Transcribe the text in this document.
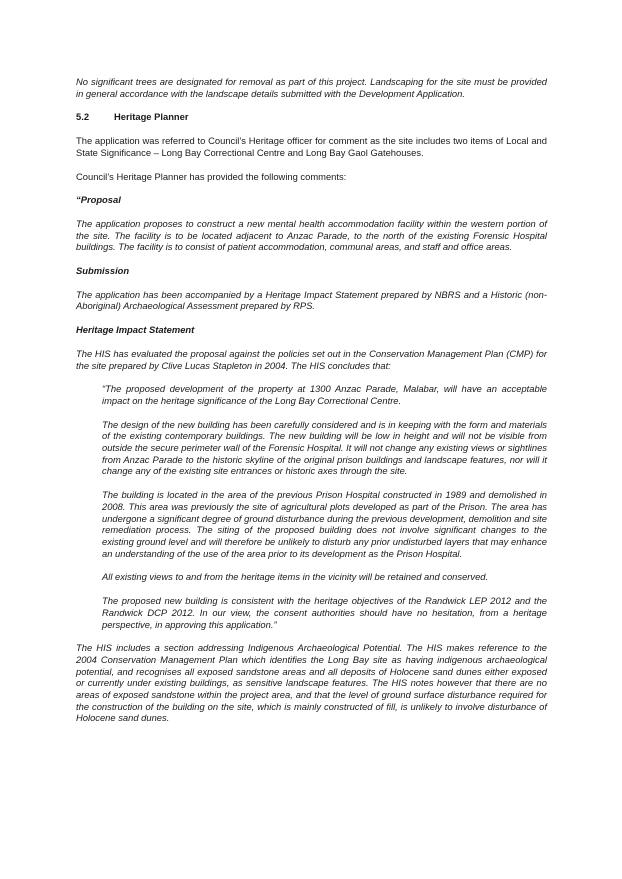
No significant trees are designated for removal as part of this project. Landscaping for the site must be provided in general accordance with the landscape details submitted with the Development Application.

5.2	Heritage Planner

The application was referred to Council’s Heritage officer for comment as the site includes two items of Local and State Significance – Long Bay Correctional Centre and Long Bay Gaol Gatehouses.

Council’s Heritage Planner has provided the following comments:

“Proposal

The application proposes to construct a new mental health accommodation facility within the western portion of the site. The facility is to be located adjacent to Anzac Parade, to the north of the existing Forensic Hospital buildings. The facility is to consist of patient accommodation, communal areas, and staff and office areas.

Submission

The application has been accompanied by a Heritage Impact Statement prepared by NBRS and a Historic (non-Aboriginal) Archaeological Assessment prepared by RPS.

Heritage Impact Statement

The HIS has evaluated the proposal against the policies set out in the Conservation Management Plan (CMP) for the site prepared by Clive Lucas Stapleton in 2004. The HIS concludes that:

“The proposed development of the property at 1300 Anzac Parade, Malabar, will have an acceptable impact on the heritage significance of the Long Bay Correctional Centre.

The design of the new building has been carefully considered and is in keeping with the form and materials of the existing contemporary buildings. The new building will be low in height and will not be visible from outside the secure perimeter wall of the Forensic Hospital. It will not change any existing views or sightlines from Anzac Parade to the historic skyline of the original prison buildings and landscape features, nor will it change any of the existing site entrances or historic axes through the site.

The building is located in the area of the previous Prison Hospital constructed in 1989 and demolished in 2008. This area was previously the site of agricultural plots developed as part of the Prison. The area has undergone a significant degree of ground disturbance during the previous development, demolition and site remediation process. The siting of the proposed building does not involve significant changes to the existing ground level and will therefore be unlikely to disturb any prior undisturbed layers that may enhance an understanding of the use of the area prior to its development as the Prison Hospital.

All existing views to and from the heritage items in the vicinity will be retained and conserved.

The proposed new building is consistent with the heritage objectives of the Randwick LEP 2012 and the Randwick DCP 2012. In our view, the consent authorities should have no hesitation, from a heritage perspective, in approving this application.”

The HIS includes a section addressing Indigenous Archaeological Potential. The HIS makes reference to the 2004 Conservation Management Plan which identifies the Long Bay site as having indigenous archaeological potential, and recognises all exposed sandstone areas and all deposits of Holocene sand dunes either exposed or currently under existing buildings, as sensitive landscape features. The HIS notes however that there are no areas of exposed sandstone within the project area, and that the level of ground surface disturbance required for the construction of the building on the site, which is mainly constructed of fill, is unlikely to involve disturbance of Holocene sand dunes.
